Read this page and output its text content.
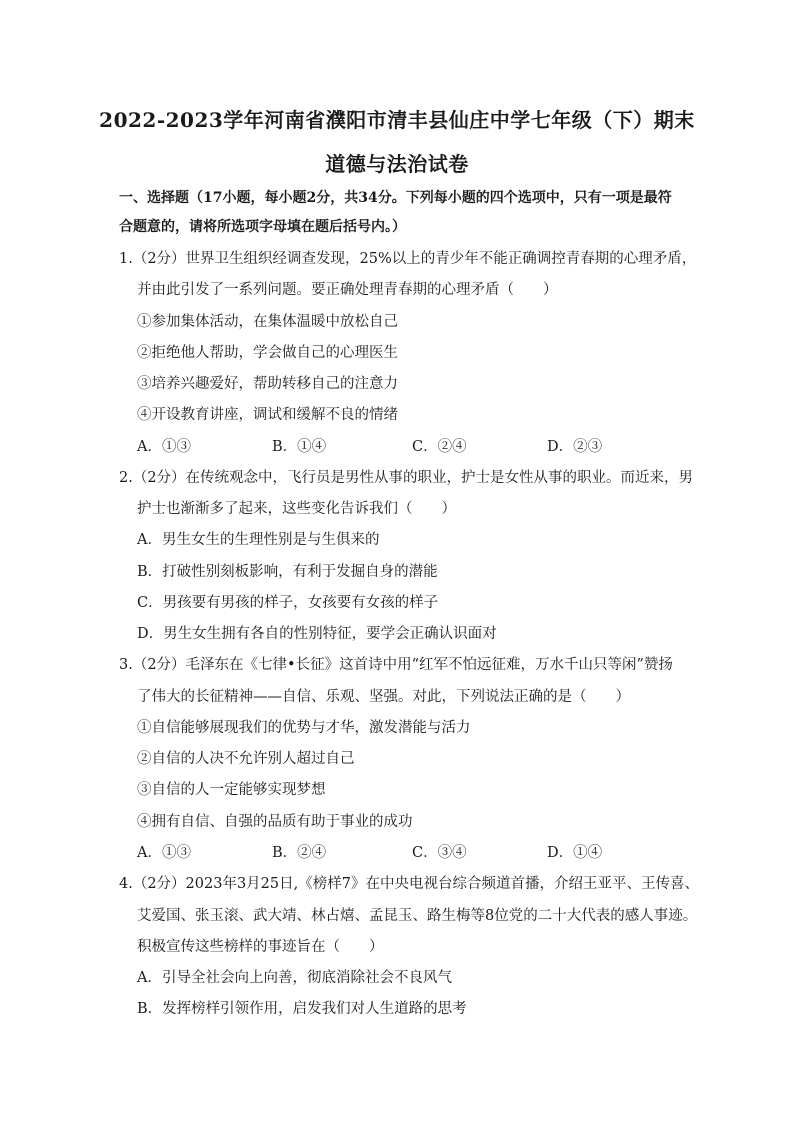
2022-2023学年河南省濮阳市清丰县仙庄中学七年级（下）期末
道德与法治试卷
一、选择题（17小题，每小题2分，共34分。下列每小题的四个选项中，只有一项是最符
合题意的，请将所选项字母填在题后括号内。）
1.（2分）世界卫生组织经调查发现，25%以上的青少年不能正确调控青春期的心理矛盾，
并由此引发了一系列问题。要正确处理青春期的心理矛盾（　　）
①参加集体活动，在集体温暖中放松自己
②拒绝他人帮助，学会做自己的心理医生
③培养兴趣爱好，帮助转移自己的注意力
④开设教育讲座，调试和缓解不良的情绪
A．①③	B．①④	C．②④	D．②③
2.（2分）在传统观念中，飞行员是男性从事的职业，护士是女性从事的职业。而近来，男
护士也渐渐多了起来，这些变化告诉我们（　　）
A．男生女生的生理性别是与生俱来的
B．打破性别刻板影响，有利于发掘自身的潜能
C．男孩要有男孩的样子，女孩要有女孩的样子
D．男生女生拥有各自的性别特征，要学会正确认识面对
3.（2分）毛泽东在《七律•长征》这首诗中用“红军不怕远征难，万水千山只等闲”赞扬
了伟大的长征精神——自信、乐观、坚强。对此，下列说法正确的是（　　）
①自信能够展现我们的优势与才华，激发潜能与活力
②自信的人决不允许别人超过自己
③自信的人一定能够实现梦想
④拥有自信、自强的品质有助于事业的成功
A．①③	B．②④	C．③④	D．①④
4.（2分）2023年3月25日,《榜样7》在中央电视台综合频道首播，介绍王亚平、王传喜、
艾爱国、张玉滚、武大靖、林占熺、孟昆玉、路生梅等8位党的二十大代表的感人事迹。
积极宣传这些榜样的事迹旨在（　　）
A．引导全社会向上向善，彻底消除社会不良风气
B．发挥榜样引领作用，启发我们对人生道路的思考
